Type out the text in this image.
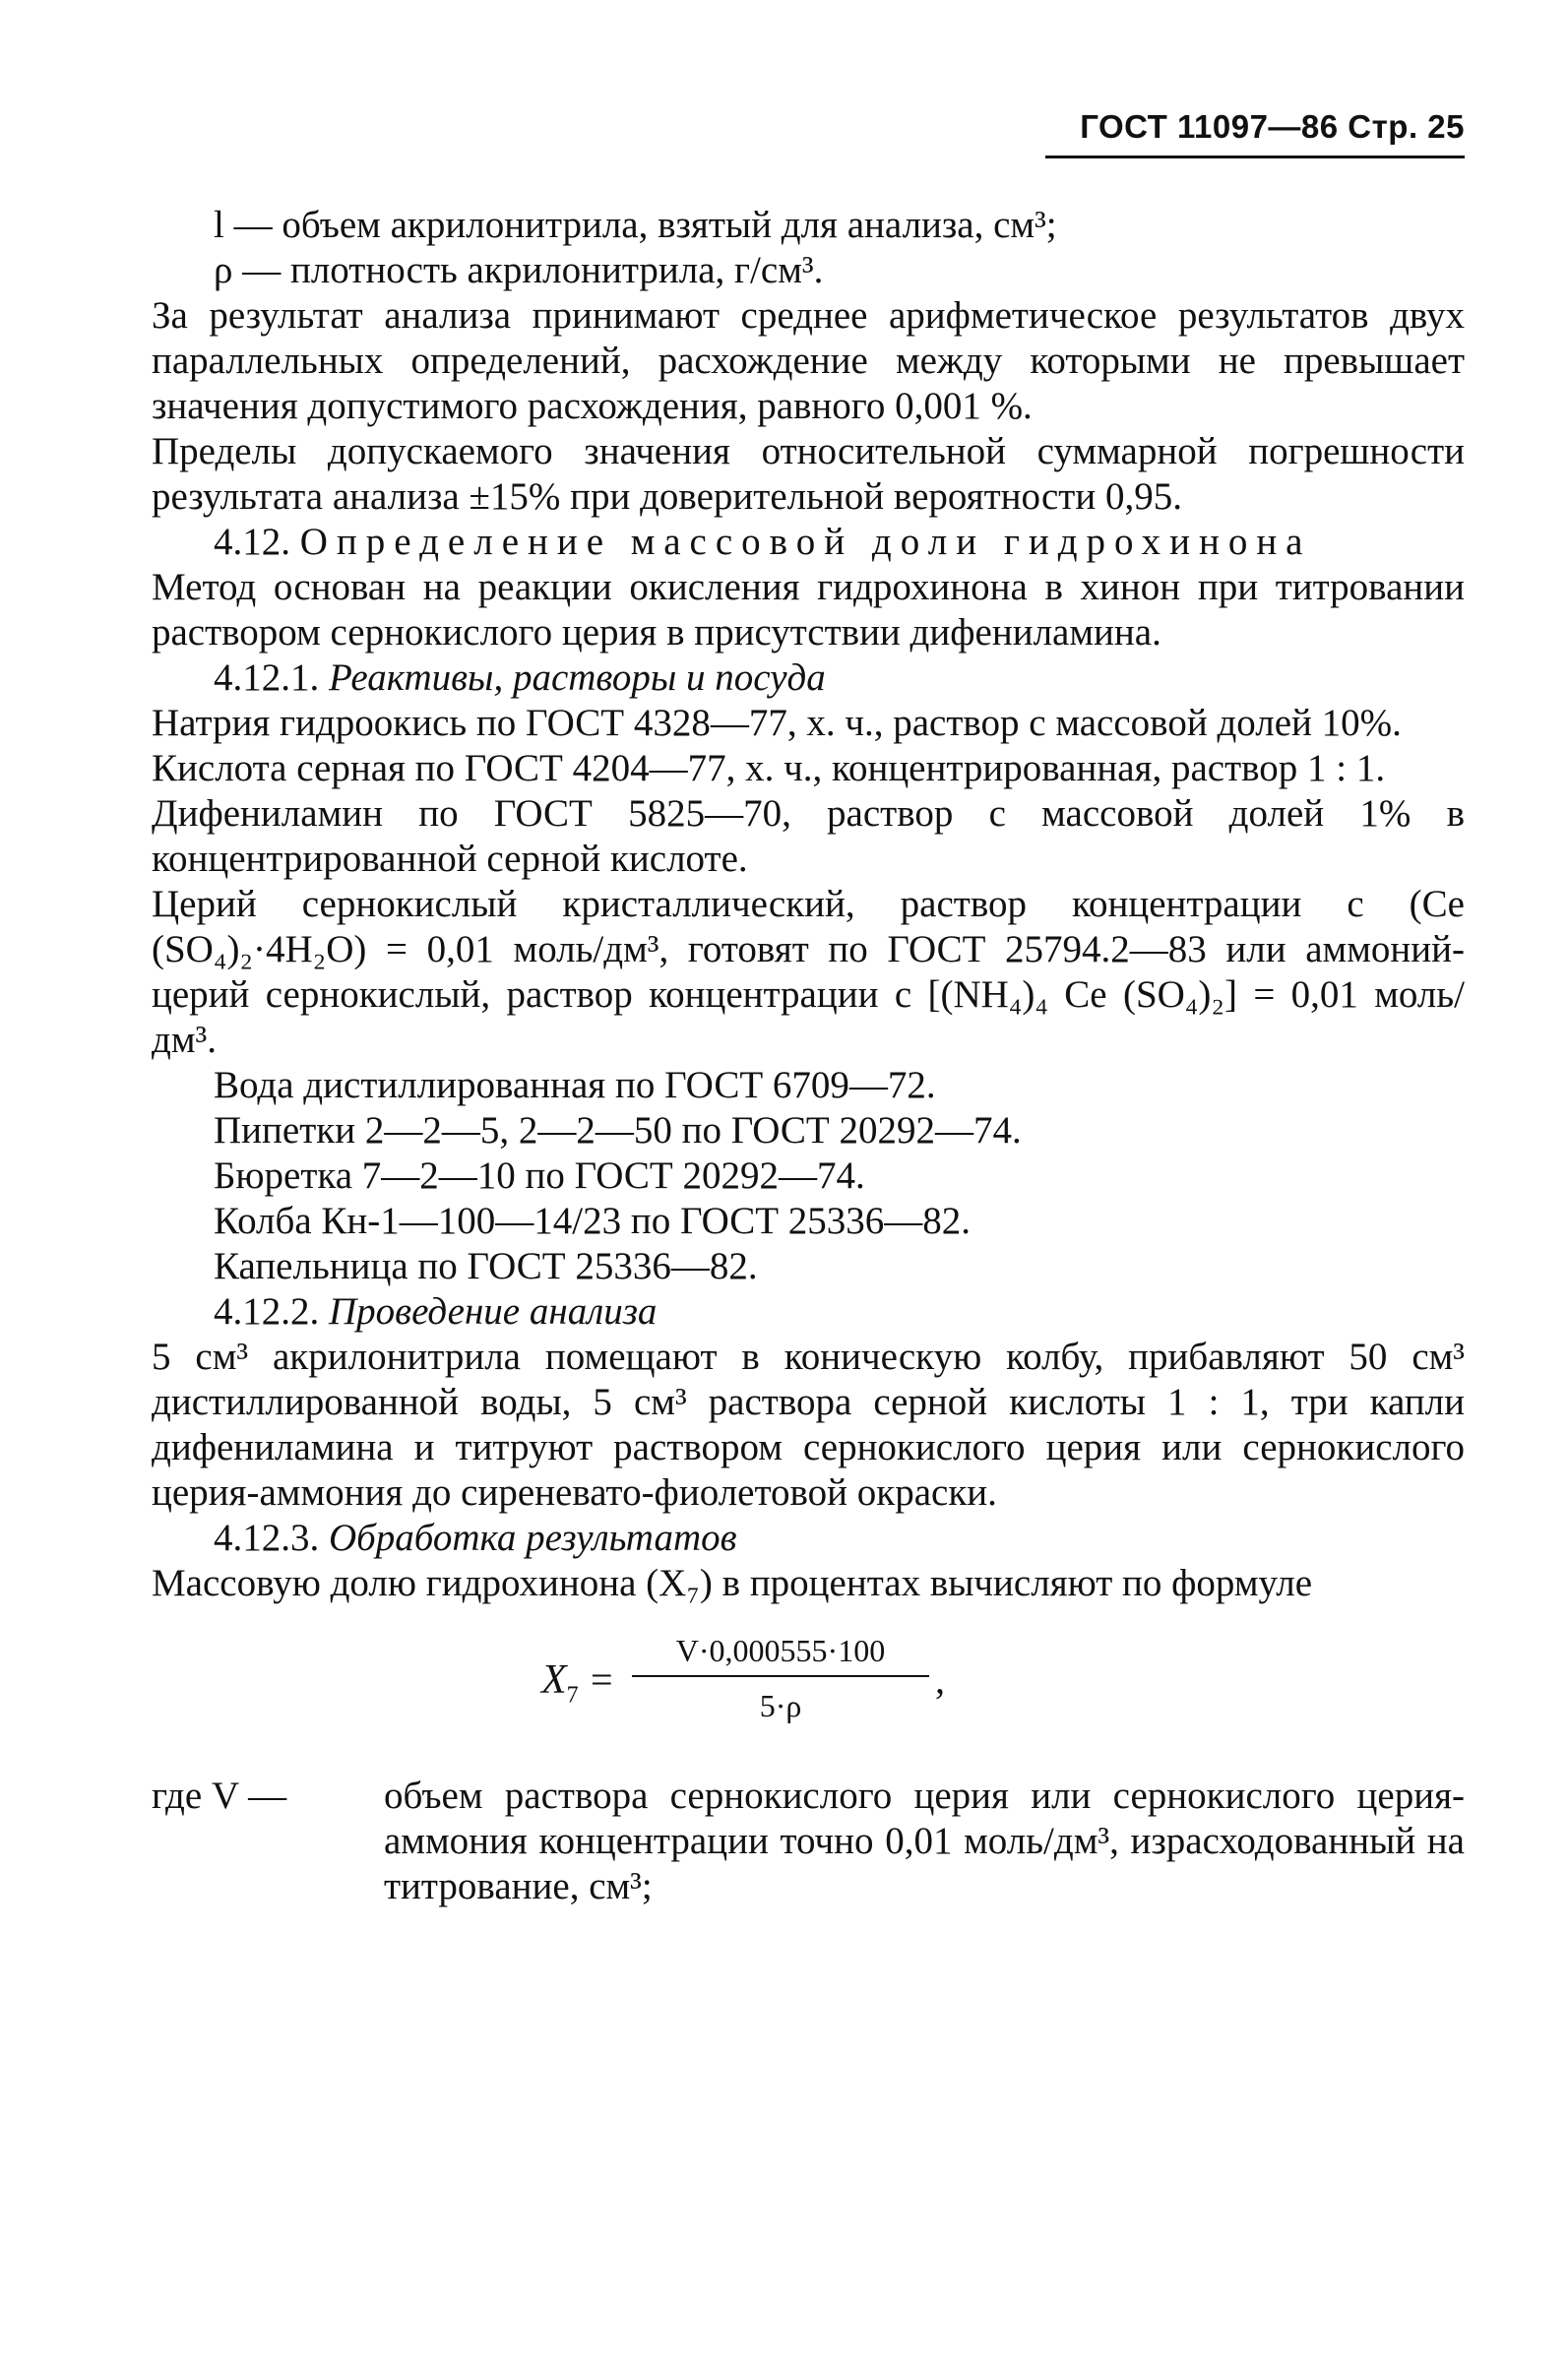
ГОСТ 11097—86 Стр. 25

l — объем акрилонитрила, взятый для анализа, см³;

ρ — плотность акрилонитрила, г/см³.

За результат анализа принимают среднее арифметическое результатов двух параллельных определений, расхождение между которыми не превышает значения допустимого расхождения, равного 0,001 %.

Пределы допускаемого значения относительной суммарной погрешности результата анализа ±15% при доверительной вероятности 0,95.

4.12. Определение массовой доли гидрохинона

Метод основан на реакции окисления гидрохинона в хинон при титровании раствором сернокислого церия в присутствии дифениламина.

4.12.1. Реактивы, растворы и посуда

Натрия гидроокись по ГОСТ 4328—77, х. ч., раствор с массовой долей 10%.

Кислота серная по ГОСТ 4204—77, х. ч., концентрированная, раствор 1 : 1.

Дифениламин по ГОСТ 5825—70, раствор с массовой долей 1% в концентрированной серной кислоте.

Церий сернокислый кристаллический, раствор концентрации c (Ce (SO₄)₂·4H₂O) = 0,01 моль/дм³, готовят по ГОСТ 25794.2—83 или аммоний-церий сернокислый, раствор концентрации c [(NH₄)₄ Ce (SO₄)₂] = 0,01 моль/дм³.

Вода дистиллированная по ГОСТ 6709—72.

Пипетки 2—2—5, 2—2—50 по ГОСТ 20292—74.

Бюретка 7—2—10 по ГОСТ 20292—74.

Колба Кн-1—100—14/23 по ГОСТ 25336—82.

Капельница по ГОСТ 25336—82.

4.12.2. Проведение анализа

5 см³ акрилонитрила помещают в коническую колбу, прибавляют 50 см³ дистиллированной воды, 5 см³ раствора серной кислоты 1 : 1, три капли дифениламина и титруют раствором сернокислого церия или сернокислого церия-аммония до сиреневато-фиолетовой окраски.

4.12.3. Обработка результатов

Массовую долю гидрохинона (X₇) в процентах вычисляют по формуле

$X_7$ =
V·0,000555·100
5·ρ
,
где V —	объем раствора сернокислого церия или сернокислого церия-аммония концентрации точно 0,01 моль/дм³, израсходованный на титрование, см³;
